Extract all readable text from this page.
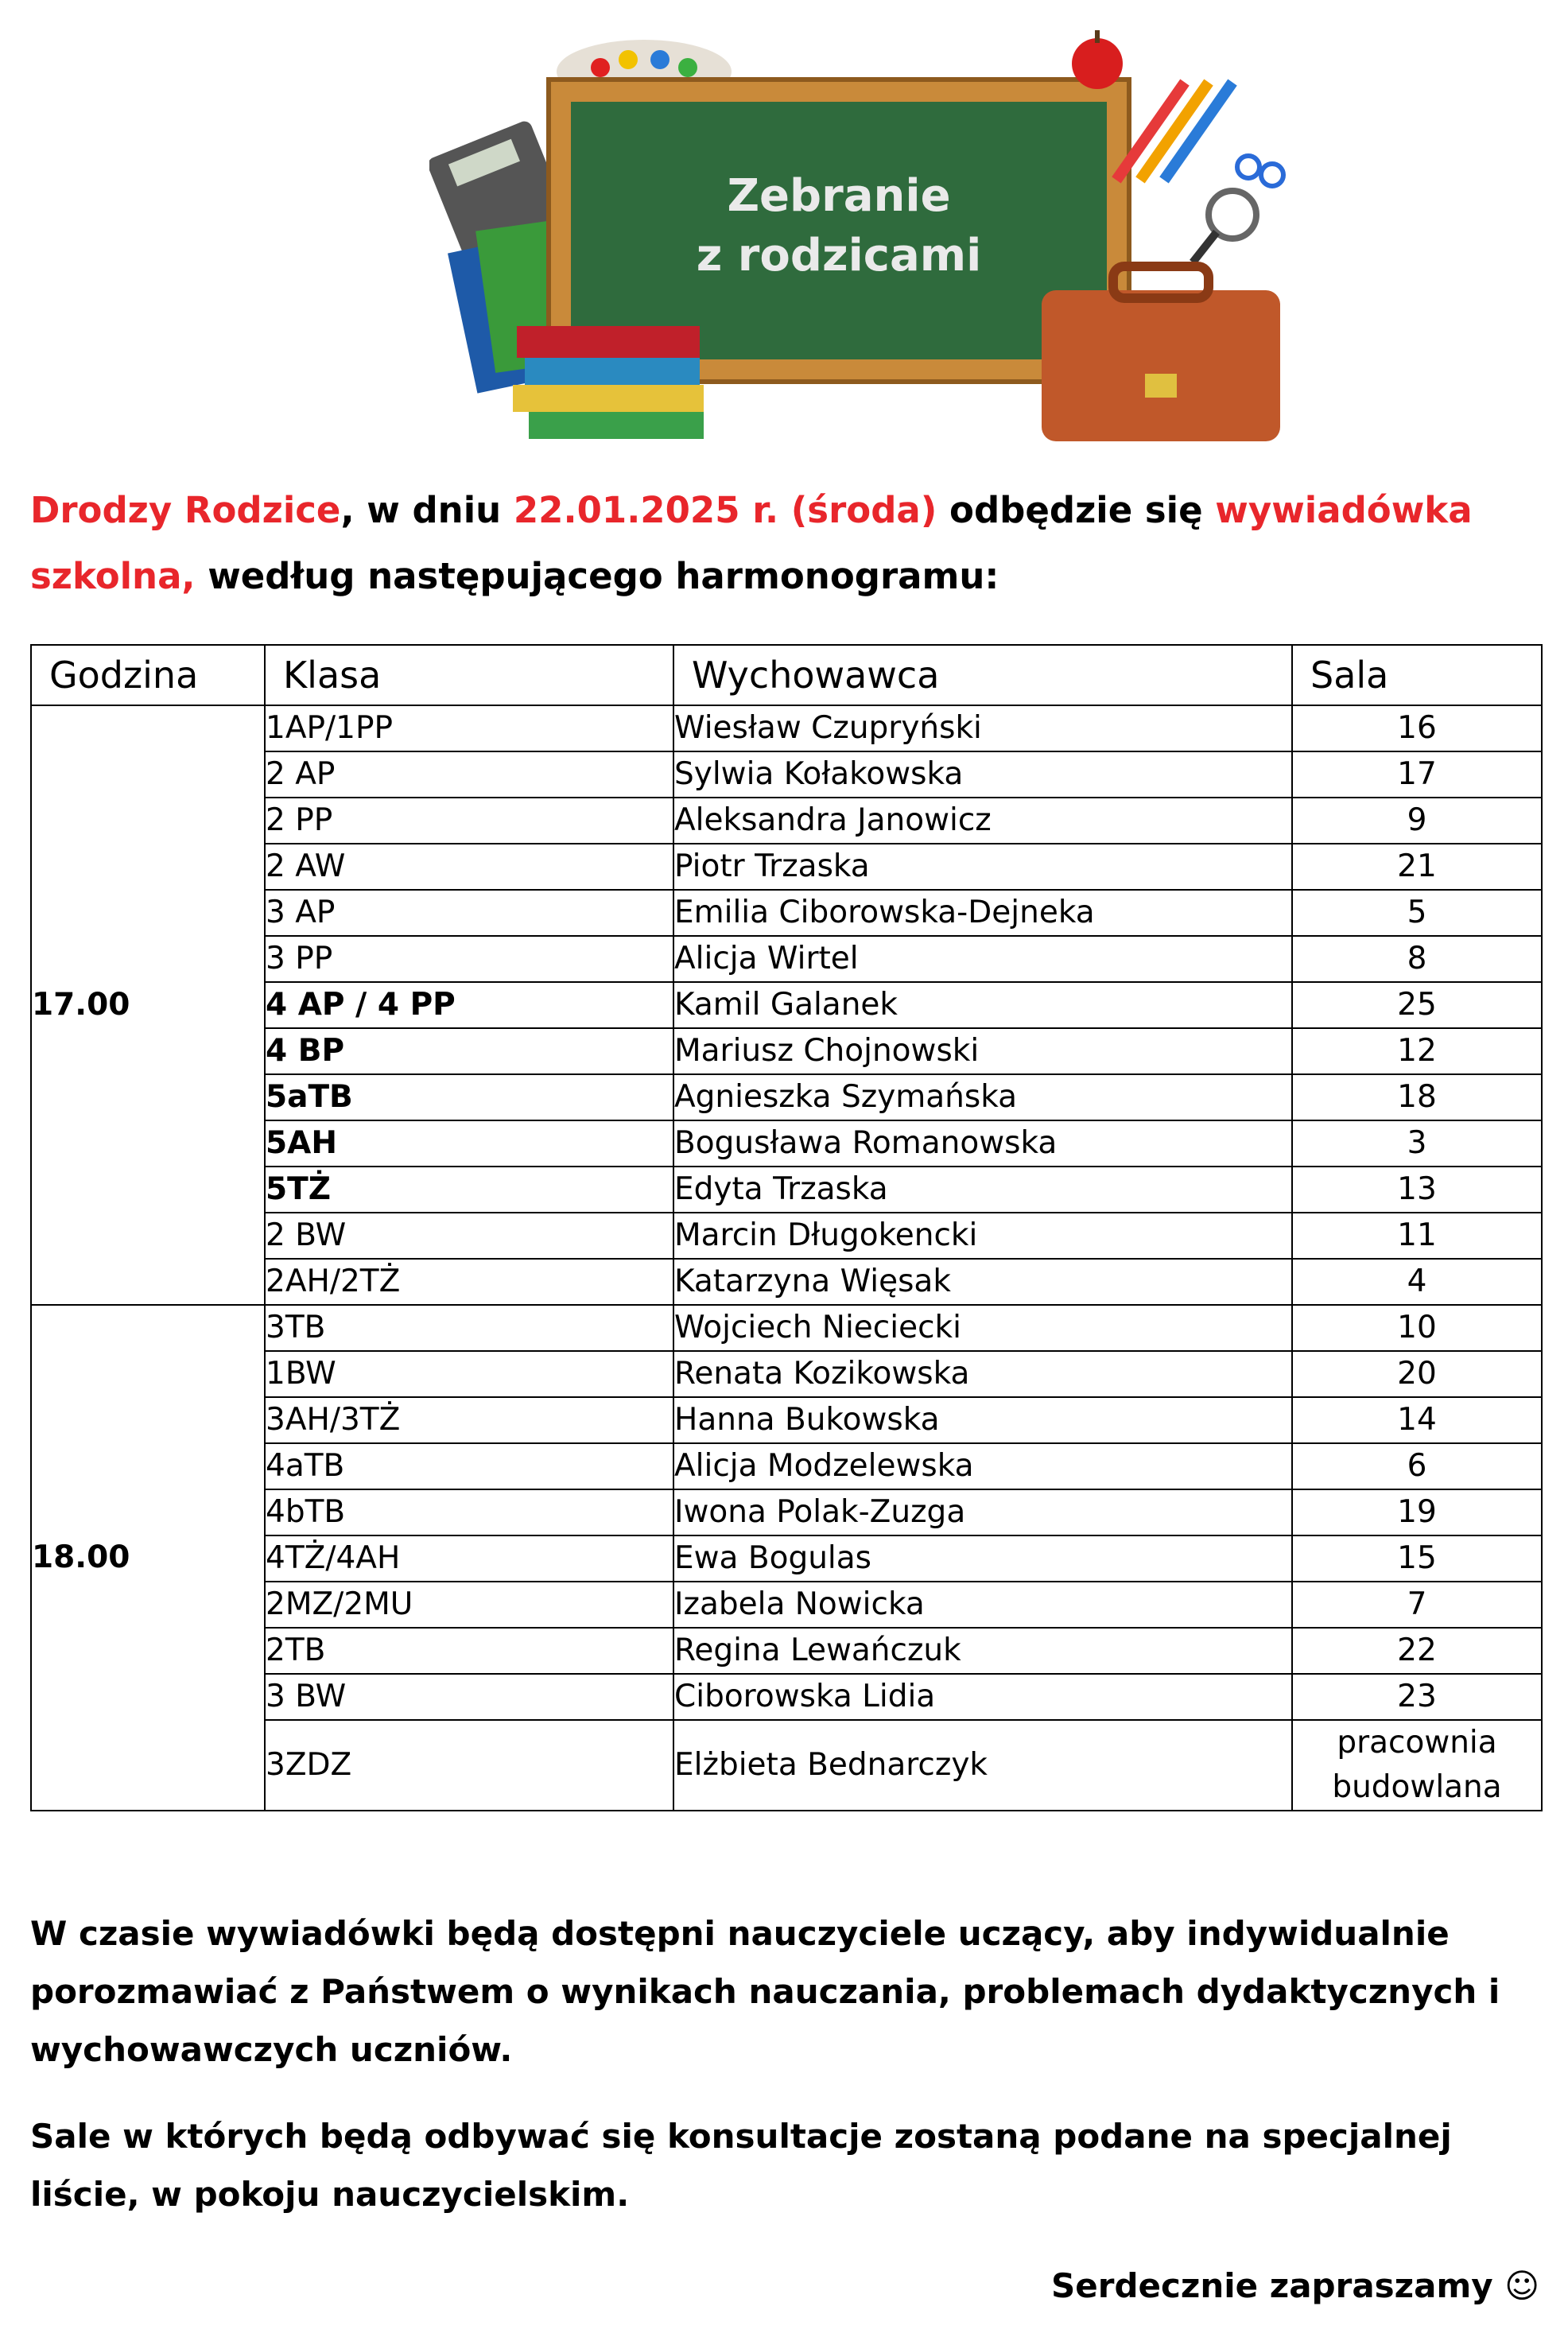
Zebranie
z rodzicami
Drodzy Rodzice, w dniu 22.01.2025 r. (środa) odbędzie się wywiadówka
szkolna, według następującego harmonogramu:
Godzina	Klasa	Wychowawca	Sala
17.00	1AP/1PP	Wiesław Czupryński	16
	2 AP	Sylwia Kołakowska	17
	2 PP	Aleksandra Janowicz	9
	2 AW	Piotr Trzaska	21
	3 AP	Emilia Ciborowska-Dejneka	5
	3 PP	Alicja Wirtel	8
	4 AP / 4 PP	Kamil Galanek	25
	4 BP	Mariusz Chojnowski	12
	5aTB	Agnieszka Szymańska	18
	5AH	Bogusława Romanowska	3
	5TŻ	Edyta Trzaska	13
	2 BW	Marcin Długokencki	11
	2AH/2TŻ	Katarzyna Więsak	4
18.00	3TB	Wojciech Nieciecki	10
	1BW	Renata Kozikowska	20
	3AH/3TŻ	Hanna Bukowska	14
	4aTB	Alicja Modzelewska	6
	4bTB	Iwona Polak-Zuzga	19
	4TŻ/4AH	Ewa Bogulas	15
	2MZ/2MU	Izabela Nowicka	7
	2TB	Regina Lewańczuk	22
	3 BW	Ciborowska Lidia	23
	3ZDZ	Elżbieta Bednarczyk	pracownia budowlana
W czasie wywiadówki będą dostępni nauczyciele uczący, aby indywidualnie porozmawiać z Państwem o wynikach nauczania, problemach dydaktycznych i wychowawczych uczniów.
Sale w których będą odbywać się konsultacje zostaną podane na specjalnej liście, w pokoju nauczycielskim.
Serdecznie zapraszamy ☺
